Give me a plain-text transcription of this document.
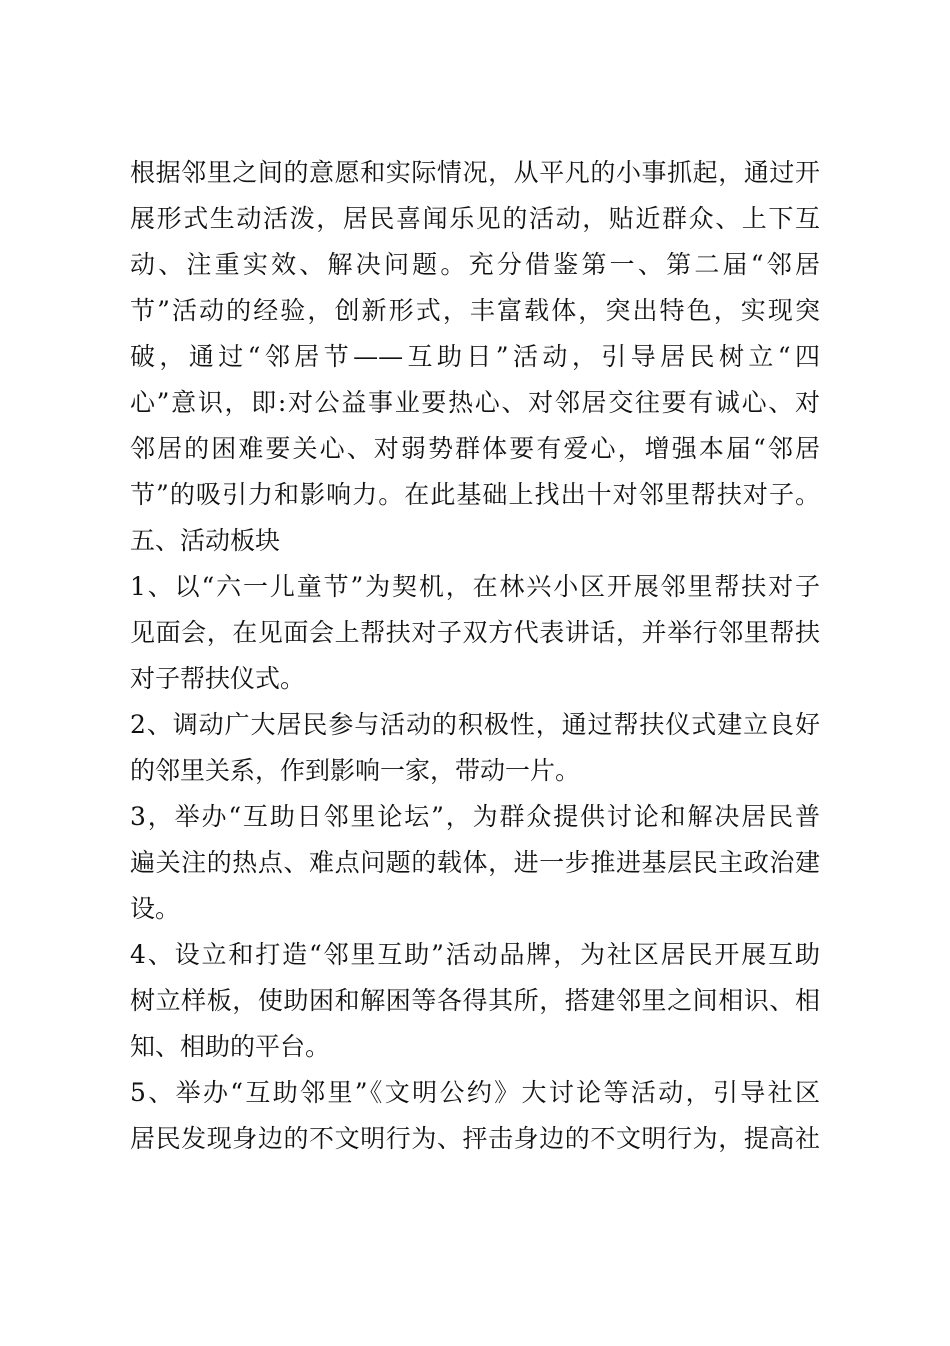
根据邻里之间的意愿和实际情况，从平凡的小事抓起，通过开
展形式生动活泼，居民喜闻乐见的活动，贴近群众、上下互
动、注重实效、解决问题。充分借鉴第一、第二届“邻居
节”活动的经验，创新形式，丰富载体，突出特色，实现突
破，通过“邻居节——互助日”活动，引导居民树立“四
心”意识，即:对公益事业要热心、对邻居交往要有诚心、对
邻居的困难要关心、对弱势群体要有爱心，增强本届“邻居
节”的吸引力和影响力。在此基础上找出十对邻里帮扶对子。
五、活动板块
1、以“六一儿童节”为契机，在林兴小区开展邻里帮扶对子
见面会，在见面会上帮扶对子双方代表讲话，并举行邻里帮扶
对子帮扶仪式。
2、调动广大居民参与活动的积极性，通过帮扶仪式建立良好
的邻里关系，作到影响一家，带动一片。
3，举办“互助日邻里论坛”，为群众提供讨论和解决居民普
遍关注的热点、难点问题的载体，进一步推进基层民主政治建
设。
4、设立和打造“邻里互助”活动品牌，为社区居民开展互助
树立样板，使助困和解困等各得其所，搭建邻里之间相识、相
知、相助的平台。
5、举办“互助邻里”《文明公约》大讨论等活动，引导社区
居民发现身边的不文明行为、抨击身边的不文明行为，提高社
